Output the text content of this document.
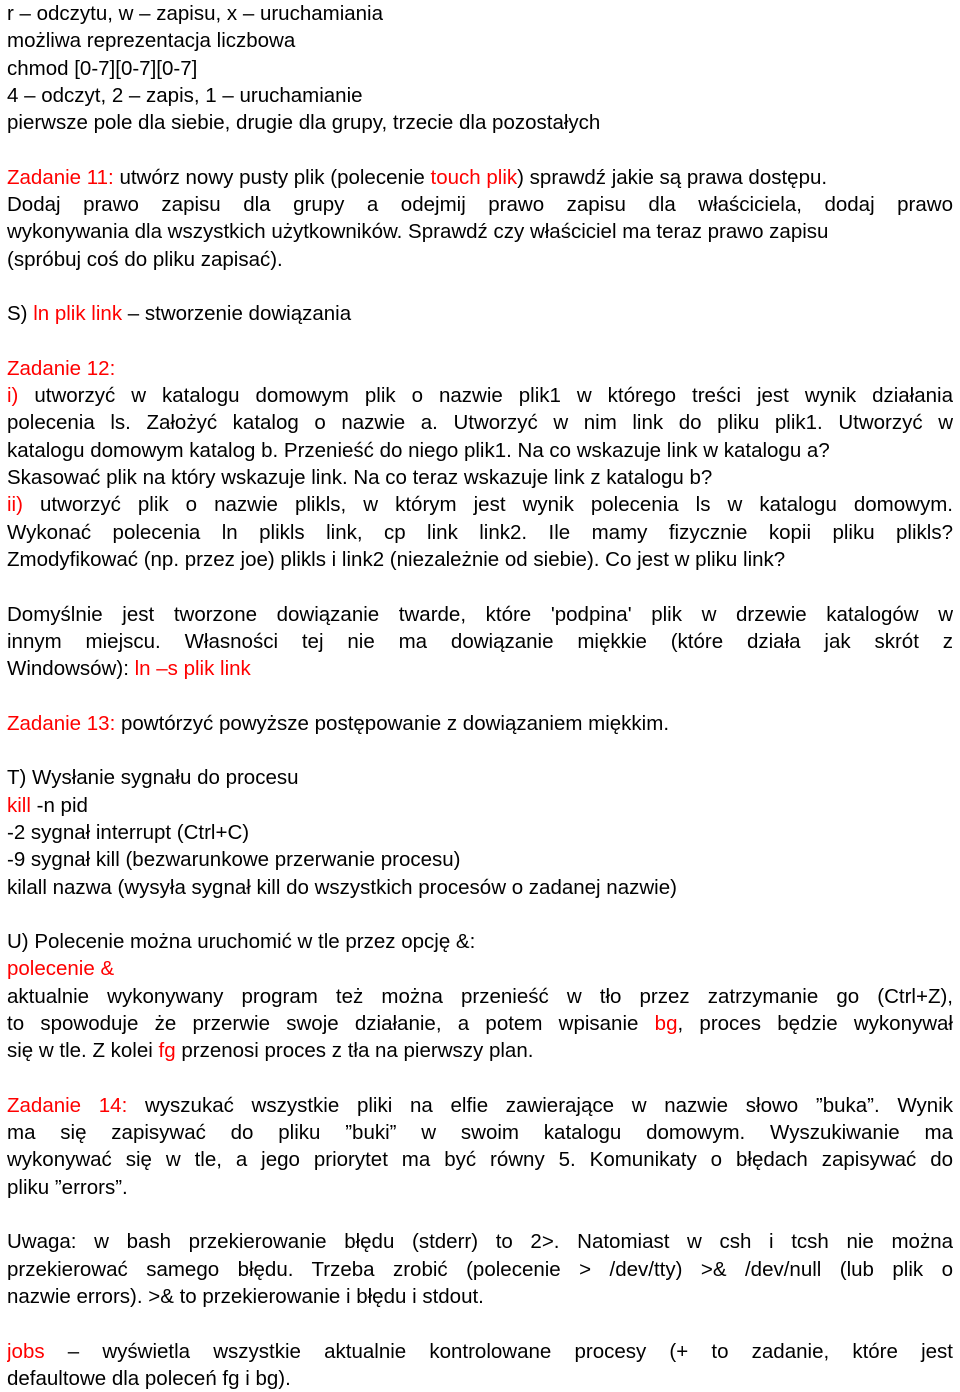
r – odczytu, w – zapisu, x – uruchamiania
możliwa reprezentacja liczbowa
chmod [0-7][0-7][0-7]
4 – odczyt, 2 – zapis, 1 – uruchamianie
pierwsze pole dla siebie, drugie dla grupy, trzecie dla pozostałych
Zadanie 11: utwórz nowy pusty plik (polecenie touch plik) sprawdź jakie są prawa dostępu.
Dodaj prawo zapisu dla grupy a odejmij prawo zapisu dla właściciela, dodaj prawo
wykonywania dla wszystkich użytkowników. Sprawdź czy właściciel ma teraz prawo zapisu
(spróbuj coś do pliku zapisać).
S) ln plik link – stworzenie dowiązania
Zadanie 12:
i) utworzyć w katalogu domowym plik o nazwie plik1 w którego treści jest wynik działania
polecenia ls. Założyć katalog o nazwie a. Utworzyć w nim link do pliku plik1. Utworzyć w
katalogu domowym katalog b. Przenieść do niego plik1. Na co wskazuje link w katalogu a?
Skasować plik na który wskazuje link. Na co teraz wskazuje link z katalogu b?
ii) utworzyć plik o nazwie plikls, w którym jest wynik polecenia ls w katalogu domowym.
Wykonać polecenia ln plikls link, cp link link2. Ile mamy fizycznie kopii pliku plikls?
Zmodyfikować (np. przez joe) plikls i link2 (niezależnie od siebie). Co jest w pliku link?
Domyślnie jest tworzone dowiązanie twarde, które 'podpina' plik w drzewie katalogów w
innym miejscu. Własności tej nie ma dowiązanie miękkie (które działa jak skrót z
Windowsów): ln –s plik link
Zadanie 13: powtórzyć powyższe postępowanie z dowiązaniem miękkim.
T) Wysłanie sygnału do procesu
kill -n pid
-2 sygnał interrupt (Ctrl+C)
-9 sygnał kill (bezwarunkowe przerwanie procesu)
kilall nazwa (wysyła sygnał kill do wszystkich procesów o zadanej nazwie)
U) Polecenie można uruchomić w tle przez opcję &:
polecenie &
aktualnie wykonywany program też można przenieść w tło przez zatrzymanie go (Ctrl+Z),
to spowoduje że przerwie swoje działanie, a potem wpisanie bg, proces będzie wykonywał
się w tle. Z kolei fg przenosi proces z tła na pierwszy plan.
Zadanie 14: wyszukać wszystkie pliki na elfie zawierające w nazwie słowo ”buka”. Wynik
ma się zapisywać do pliku ”buki” w swoim katalogu domowym. Wyszukiwanie ma
wykonywać się w tle, a jego priorytet ma być równy 5. Komunikaty o błędach zapisywać do
pliku ”errors”.
Uwaga: w bash przekierowanie błędu (stderr) to 2>. Natomiast w csh i tcsh nie można
przekierować samego błędu. Trzeba zrobić (polecenie > /dev/tty) >& /dev/null (lub plik o
nazwie errors). >& to przekierowanie i błędu i stdout.
jobs – wyświetla wszystkie aktualnie kontrolowane procesy (+ to zadanie, które jest
defaultowe dla poleceń fg i bg).
